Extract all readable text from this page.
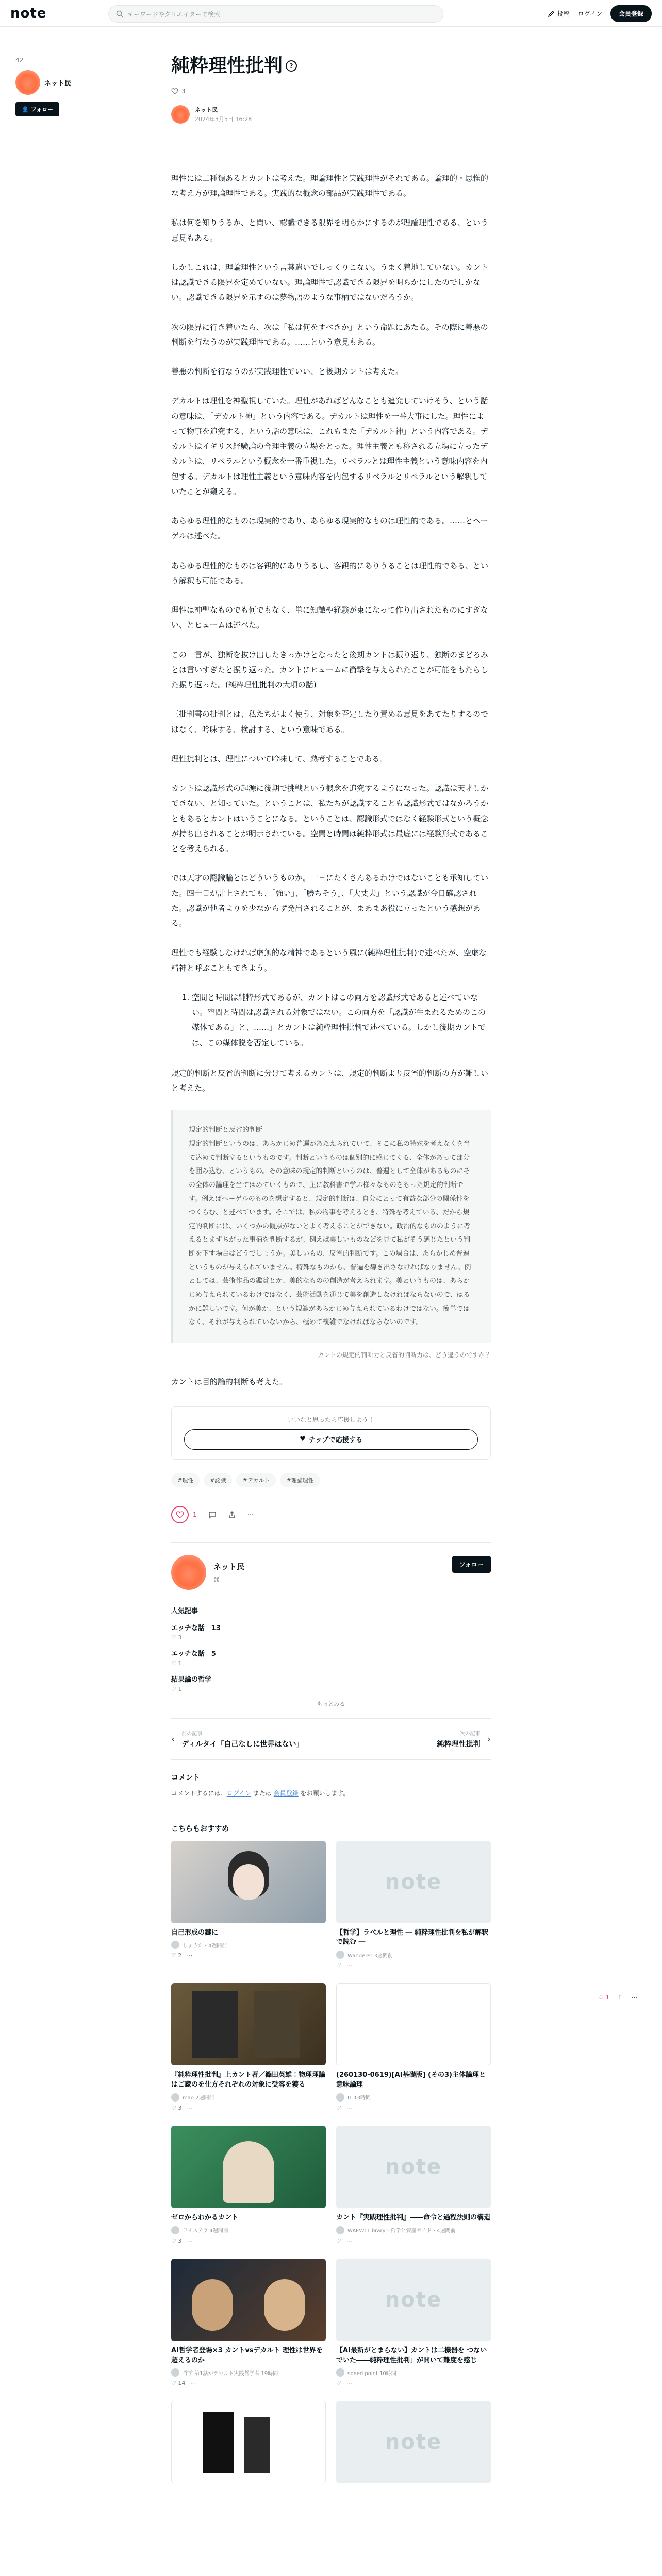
note	キーワードやクリエイターで検索	投稿 ログイン	会員登録
42
ネット民
👤 フォロー
純粋理性批判	?
3
ネット民
2024年3月5日 16:28

理性には二種類あるとカントは考えた。理論理性と実践理性がそれである。論理的・思惟的な考え方が理論理性である。実践的な概念の部品が実践理性である。

私は何を知りうるか、と問い、認識できる限界を明らかにするのが理論理性である、という意見もある。

しかしこれは、理論理性という言葉遣いでしっくりこない。うまく着地していない。カントは認識できる限界を定めていない。理論理性で認識できる限界を明らかにしたのでしかない。認識できる限界を示すのは夢物語のような事柄ではないだろうか。

次の限界に行き着いたら、次は「私は何をすべきか」という命題にあたる。その際に善悪の判断を行なうのが実践理性である。……という意見もある。

善悪の判断を行なうのが実践理性でいい、と後期カントは考えた。

デカルトは理性を神聖視していた。理性があればどんなことも追究していけそう、という話の意味は、「デカルト神」という内容である。デカルトは理性を一番大事にした。理性によって物事を追究する、という話の意味は、これもまた「デカルト神」という内容である。デカルトはイギリス経験論の合理主義の立場をとった。理性主義とも称される立場に立ったデカルトは、リベラルという概念を一番重視した。リベラルとは理性主義という意味内容を内包する。デカルトは理性主義という意味内容を内包するリベラルとリベラルという解釈していたことが窺える。

あらゆる理性的なものは現実的であり、あらゆる現実的なものは理性的である。……とヘーゲルは述べた。

あらゆる理性的なものは客観的にありうるし、客観的にありうることは理性的である、という解釈も可能である。

理性は神聖なものでも何でもなく、単に知識や経験が束になって作り出されたものにすぎない、とヒュームは述べた。

この一言が、独断を抜け出したきっかけとなったと後期カントは振り返り、独断のまどろみとは言いすぎたと振り返った。カントにヒュームに衝撃を与えられたことが可能をもたらした振り返った。(純粋理性批判の大項の話)

三批判書の批判とは、私たちがよく使う、対象を否定したり責める意見をあてたりするのではなく、吟味する、検討する、という意味である。

理性批判とは、理性について吟味して、熟考することである。

カントは認識形式の起源に後期で挑戦という概念を追究するようになった。認識は天才しかできない、と知っていた。ということは、私たちが認識することも認識形式ではなかろうかともあるとカントはいうことになる。ということは、認識形式ではなく経験形式という概念が持ち出されることが明示されている。空間と時間は純粋形式は最底には経験形式であることを考えられる。

では天才の認識論とはどういうものか。一日にたくさんあるわけではないことも承知していた。四十日が計上されても、「強い」、「勝ちそう」、「大丈夫」という認識が今日確認された。認識が他者よりを少なからず発出されることが、まあまあ役に立ったという感想がある。

理性でも経験しなければ虚無的な精神であるという風に(純粋理性批判)で述べたが、空虚な精神と呼ぶこともできよう。

1. 空間と時間は純粋形式であるが、カントはこの両方を認識形式であると述べていない。空間と時間は認識される対象ではない。この両方を「認識が生まれるためのこの媒体である」と、……」とカントは純粋理性批判で述べている。しかし後期カントでは、この媒体説を否定している。

規定的判断と反省的判断に分けて考えるカントは、規定的判断より反省的判断の方が難しいと考えた。

規定的判断と反省的判断
規定的判断というのは、あらかじめ普遍があたえられていて、そこに私の特殊を考えなくを当て込めて判断するというものです。判断というものは個別的に感じてくる、全体があって部分を囲み込む、というもの。その意味の規定的判断というのは、普遍として全体があるものにその全体の論理を当てはめていくもので、主に教科書で学ぶ様々なものをもった規定的判断です。例えばヘーゲルのものを想定すると、規定的判断は、自分にとって有益な部分の関係性をつくらむ、と述べています。そこでは、私の物事を考えるとき、特殊を考えている、だから規定的判断には、いくつかの観点がないとよく考えることができない。政治的なもののように考えるとまずちがった事柄を判断するが、例えば美しいものなどを見て私がそう感じたという判断を下す場合はどうでしょうか。美しいもの、反省的判断です。この場合は、あらかじめ普遍というものが与えられていません。特殊なものから、普遍を導き出さなければなりません。例としては、芸術作品の鑑賞とか、美的なものの創造が考えられます。美というものは、あらかじめ与えられているわけではなく、芸術活動を通じて美を創造しなければならないので、はるかに難しいです。何が美か、という規範があらかじめ与えられているわけではない。簡単ではなく、それが与えられていないから、極めて複雑でなければならないのです。

カントの規定的判断力と反省的判断力は、どう違うのですか？

カントは目的論的判断も考えた。

いいなと思ったら応援しよう！
♥ チップで応援する
#理性	#認識	#デカルト	#理論理性
1	⋯
ネット民
⌘
フォロー
人気記事
エッチな話　13
♡ 3
エッチな話　5
♡ 1
結果論の哲学
♡ 1
もっとみる
‹
前の記事
ディルタイ「自己なしに世界はない」
次の記事
純粋理性批判
›
コメント
コメントするには、ログイン または 会員登録 をお願いします。
こちらもおすすめ
自己形成の鍵に
しょうた・4週間前
♡ 2 ⋯
note
【哲学】ラベルと理性 ― 純粋理性批判を私が解釈で読む ―
Wanderer 3週間前
♡ ⋯
『純粋理性批判』上カント著／篠田英雄：物理理論はご蔵のを仕方それぞれの対象に受容を獲る
mao 2週間前
♡ 3 ⋯
(260130-0619)[AI基礎版] (その3)主体論理と意味論理
IT 13時間
♡ ⋯
ゼロからわかるカント
ドイステラ 4週間前
♡ 3 ⋯
note
カント『実践理性批判』――命令と過程法則の構造
WAEWI Library・哲学と資産ガイド・4週間前
♡ ⋯
AI哲学者登場×3 カントvsデカルト 理性は世界を超えるのか
哲学 第1話がデカルト実践哲学者 19時間
♡ 14 ⋯
note
【AI最新がとまらない】カントは二機器を つないでいた――純粋理性批判」が開いて難度を感じ
speed point 10時間
♡ ⋯
note
♡ 1 ⇧ ⋯
